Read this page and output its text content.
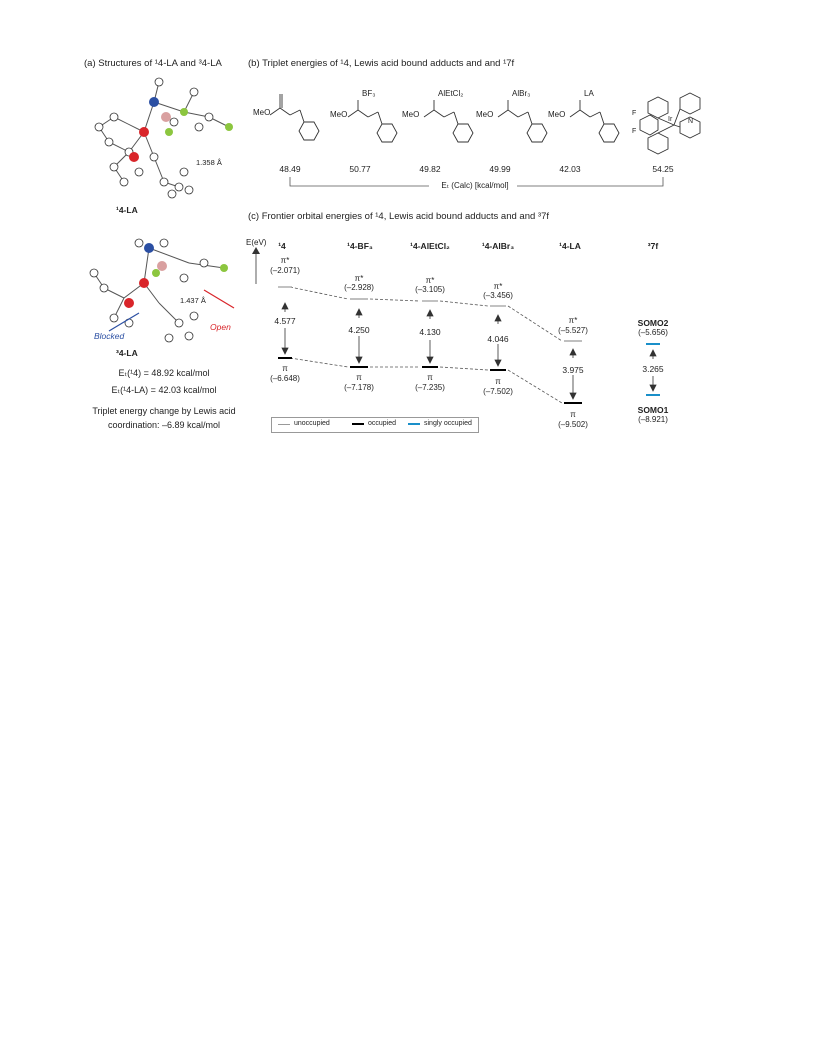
(a) Structures of ¹4-LA and ³4-LA
1.358 Å
¹4-LA
1.437 Å
Blocked
Open
³4-LA
Eₜ(¹4) = 48.92 kcal/mol
Eₜ(¹4-LA) = 42.03 kcal/mol
Triplet energy change by Lewis acid
coordination: –6.89 kcal/mol
(b) Triplet energies of ¹4, Lewis acid bound adducts and and ¹7f
MeO	MeO
BF₃
MeO
AlEtCl₂
MeO
AlBr₃
MeO
LA
Ir
F
F
N
48.49	50.77	49.82	49.99	42.03	54.25
Eₜ (Calc) [kcal/mol]
(c) Frontier orbital energies of ¹4, Lewis acid bound adducts and and ³7f
E(eV) ¹4	¹4-BF₃	¹4-AlEtCl₂	¹4-AlBr₃	¹4-LA	³7f
π*
(–2.071)
4.577
π
(–6.648)
π*
(–2.928)
4.250
π
(–7.178)
π*
(–3.105)
4.130
π
(–7.235)
π*
(–3.456)
4.046
π
(–7.502)
π*
(–5.527)
3.975
π
(–9.502)
SOMO2
(–5.656)
3.265
SOMO1
(–8.921)
unoccupied	occupied	singly occupied
